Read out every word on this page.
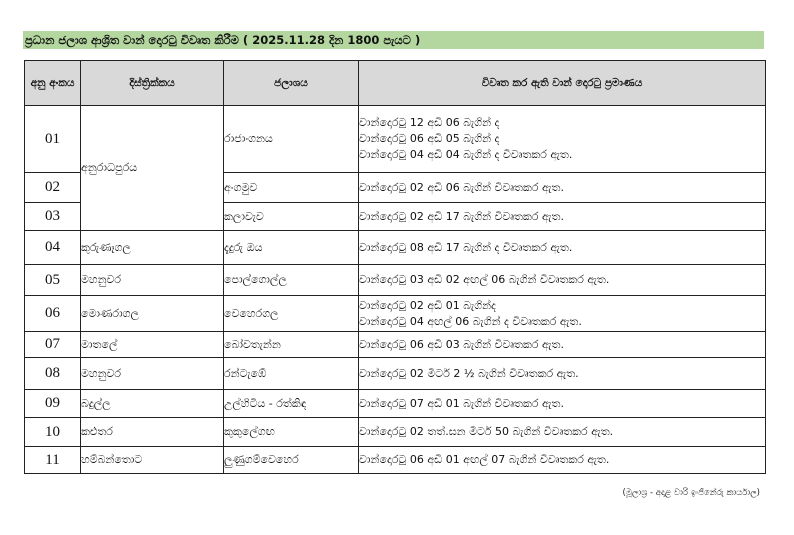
ප්‍රධාන ජලාශ ආශ්‍රිත වාන් දොරටු විවෘත කිරීම ( 2025.11.28 දින 1800 පැයට )
අනු අංකය	දිස්ත්‍රික්කය	ජලාශය	විවෘත කර ඇති වාන් දොරටු ප්‍රමාණය
01	අනුරාධපුරය	රාජාංගනය	වාන්දොරටු 12 අඩි 06 බැගින් ද
වාන්දොරටු 06 අඩි 05 බැගින් ද
වාන්දොරටු 04 අඩි 04 බැගින් ද විවෘතකර ඇත.

02		අංගමුව	වාන්දොරටු 02 අඩි 06 බැගින් විවෘතකර ඇත.

03		කලාවැව	වාන්දොරටු 02 අඩි 17 බැගින් විවෘතකර ඇත.

04	කුරුණෑගල	දැදුරු ඔය	වාන්දොරටු 08 අඩි 17 බැගින් ද විවෘතකර ඇත.

05	මහනුවර	පොල්ගොල්ල	වාන්දොරටු 03 අඩි 02 අඟල් 06 බැගින් විවෘතකර ඇත.

06	මොණරාගල	වෙහෙරගල	වාන්දොරටු 02 අඩි 01 බැගින්ද
වාන්දොරටු 04 අඟල් 06 බැගින් ද විවෘතකර ඇත.

07	මාතලේ	බෝවතැන්න	වාන්දොරටු 06 අඩි 03 බැගින් විවෘතකර ඇත.

08	මහනුවර	රන්ටැඹේ	වාන්දොරටු 02 මීටර් 2 ½ බැගින් විවෘතකර ඇත.

09	බදුල්ල	උල්හිටිය - රත්කිඳ	වාන්දොරටු 07 අඩි 01 බැගින් විවෘතකර ඇත.

10	කළුතර	කුකුලේගඟ	වාන්දොරටු 02 තත්.ඝන මීටර් 50 බැගින් විවෘතකර ඇත.

11	හම්බන්තොට	ලුණුගම්වෙහෙර	වාන්දොරටු 06 අඩි 01 අඟල් 07 බැගින් විවෘතකර ඇත.
(මූලාශ්‍ර - අදාළ වාරි ඉංජිනේරු කාර්යාල)
